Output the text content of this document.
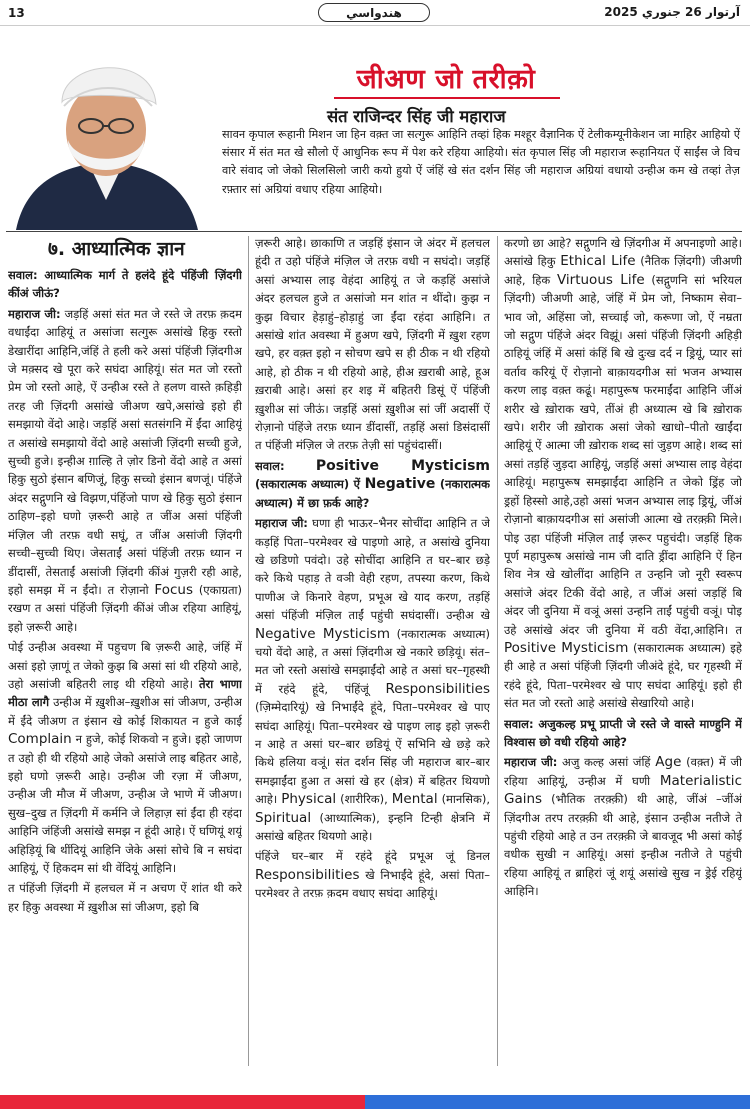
13	ھندواسي	آرتوار 26 جنوري 2025
जीअण जो तरीक़ो
संत राजिन्दर सिंह जी महाराज

सावन कृपाल रूहानी मिशन जा हिन वक़्त जा सत्गुरू आहिनि तव्हां हिक मश्हूर वैज्ञानिक ऐं टेलीकम्यूनीकेशन जा माहिर आहियो ऐं संसार में संत मत खे सौलो ऐं आधुनिक रूप में पेश करे रहिया आहियो। संत कृपाल सिंह जी महाराज रूहानियत ऐं साईंस जे विच वारे संवाद जो जेको सिलसिलो जारी कयो हुयो ऐं जंहिं खे संत दर्शन सिंह जी महाराज अग्रियां वधायो उन्हीअ कम खे तव्हां तेज़ रफ़्तार सां अग्रियां वधाए रहिया आहियो।

७. आध्यात्मिक ज्ञान

सवाल: आध्यात्मिक मार्ग ते हलंदे हूंदे पंहिंजी ज़िंदगी कींअं जीऊं?

महाराज जी: जड़हिं असां संत मत जे रस्ते जे तरफ़ क़दम वधाईंदा आहियूं त असांजा सत्गुरू असांखे हिकु रस्तो डेखारींदा आहिनि,जंहिं ते हली करे असां पंहिंजी ज़िंदगीअ जे मक़्सद खे पूरा करे सघंदा आहियूं। संत मत जो रस्तो प्रेम जो रस्तो आहे, ऐं उन्हीअ रस्ते ते हलण वास्ते क़हिड़ी तरह जी ज़िंदगी असांखे जीअण खपे,असांखे इहो ही समझायो वेंदो आहे। जड़हिं असां सतसंगनि में ईंदा आहियूं त असांखे समझायो वेंदो आहे असांजी ज़िंदगी सच्ची हुजे, सुच्ची हुजे। इन्हीअ ग़ाल्हि ते ज़ोर डिनो वेंदो आहे त असां हिकु सुठो इंसान बणिजूं, हिकु सच्चो इंसान बणजूं। पंहिंजे अंदर सद्गुणनि खे विझण,पंहिंजो पाण खे हिकु सुठो इंसान ठाहिण–इहो घणो ज़रूरी आहे त जींअ असां पंहिंजी मंज़िल जी तरफ़ वधी सघूं, त जींअ असांजी ज़िंदगी सच्ची–सुच्ची थिए। जेसताईं असां पंहिंजी तरफ़ ध्यान न डींदासीं, तेसताईं असांजी ज़िंदगी कींअं गुज़री रही आहे, इहो समझ में न ईंदो। त रोज़ानो Focus (एकाग्रता) रखण त असां पंहिंजी ज़िंदगी कींअं जीअ रहिया आहियूं, इहो ज़रूरी आहे।

पोई उन्हीअ अवस्था में पहुचण बि ज़रूरी आहे, जंहिं में असां इहो ज़ाणूं त जेको कुझ बि असां सां थी रहियो आहे, उहो असांजी बहितरी लाइ थी रहियो आहे। तेरा भाणा मीठा लागै उन्हीअ में ख़ुशीअ–ख़ुशीअ सां जीअण, उन्हीअ में ईंदे जीअण त इंसान खे कोई शिकायत न हुजे काई Complain न हुजे, कोई शिकवो न हुजे। इहो जाणण त उहो ही थी रहियो आहे जेको असांजे लाइ बहितर आहे, इहो घणो ज़रूरी आहे। उन्हीअ जी रज़ा में जीअण, उन्हीअ जी मौज में जीअण, उन्हीअ जे भाणे में जीअण। सुख–दुख त ज़िंदगी में कर्मनि जे लिहाज़ सां ईंदा ही रहंदा आहिनि जंहिंजी असांखे समझ न हूंदी आहे। ऐं घणियूं शयूं अहिड़ियूं बि थींदियूं आहिनि जेके असां सोचे बि न सघंदा आहियूं, ऐं हिकदम सां थी वेंदियूं आहिनि।

त पंहिंजी ज़िंदगी में हलचल में न अचण ऐं शांत थी करे हर हिकु अवस्था में ख़ुशीअ सां जीअण, इहो बि

ज़रूरी आहे। छाकाणि त जड़हिं इंसान जे अंदर में हलचल हूंदी त उहो पंहिंजे मंज़िल जे तरफ़ वधी न सघंदो। जड़हिं असां अभ्यास लाइ वेहंदा आहियूं त जे कड़हिं असांजे अंदर हलचल हुजे त असांजो मन शांत न थींदो। कुझ न कुझ विचार हेड़ाहुं–होड़ाहुं जा ईंदा रहंदा आहिनि। त असांखे शांत अवस्था में हुअण खपे, ज़िंदगी में ख़ुश रहण खपे, हर वक़्त इहो न सोचण खपे स ही ठीक न थी रहियो आहे, हो ठीक न थी रहियो आहे, हीअ ख़राबी आहे, हूअ ख़राबी आहे। असां हर शइ में बहितरी डिसूं ऐं पंहिंजी ख़ुशीअ सां जीऊं। जड़हिं असां ख़ुशीअ सां जीं अदासीं ऐं रोज़ानो पंहिंजे तरफ़ ध्यान डींदासीं, तड़हिं असां डिसंदासीं त पंहिंजी मंज़िल जे तरफ़ तेज़ी सां पहुंचंदासीं।

सवाल: Positive Mysticism (सकारात्मक अध्यात्म) ऐं Negative (नकारात्मक अध्यात्म) में छा फ़र्क आहे?

महाराज जी: घणा ही भाऊर–भैनर सोचींदा आहिनि त जे कड़हिं पिता–परमेश्वर खे पाइणो आहे, त असांखे दुनिया खे छडिणो पवंदो। उहे सोचींदा आहिनि त घर–बार छड़े करे किथे पहाड़ ते वञी वेही रहण, तपस्या करण, किथे पाणीअ जे किनारे वेहण, प्रभूअ खे याद करण, तड़हिं असां पंहिंजी मंज़िल ताईं पहुंची सघंदासीं। उन्हीअ खे Negative Mysticism (नकारात्मक अध्यात्म) चयो वेंदो आहे, त असां ज़िंदगीअ खे नकारे छड़ियूं। संत–मत जो रस्तो असांखे समझाईंदो आहे त असां घर–गृहस्थी में रहंदे हूंदे, पंहिंजूं Responsibilities (ज़िम्मेदारियूं) खे निभाईंदे हूंदे, पिता–परमेश्वर खे पाए सघंदा आहियूं। पिता–परमेश्वर खे पाइण लाइ इहो ज़रूरी न आहे त असां घर–बार छडियूं ऐं सभिनि खे छड़े करे किथे हलिया वञूं। संत दर्शन सिंह जी महाराज बार–बार समझाईंदा हुआ त असां खे हर (क्षेत्र) में बहितर थियणो आहे। Physical (शारीरिक), Mental (मानसिक), Spiritual (आध्यात्मिक), इन्हनि टिन्ही क्षेत्रनि में असांखे बहितर थियणो आहे।

पंहिंजे घर–बार में रहंदे हूंदे प्रभूअ जूं डिनल Responsibilities खे निभाईंदे हूंदे, असां पिता–परमेश्वर ते तरफ़ क़दम वधाए सघंदा आहियूं।

करणो छा आहे? सद्गुणनि खे ज़िंदगीअ में अपनाइणो आहे। असांखे हिकु Ethical Life (नैतिक ज़िंदगी) जीअणी आहे, हिक Virtuous Life (सद्गुणनि सां भरियल ज़िंदगी) जीअणी आहे, जंहिं में प्रेम जो, निष्काम सेवा–भाव जो, अहिंसा जो, सच्चाई जो, करूणा जो, ऐं नम्रता जो सद्गुण पंहिंजे अंदर विझूं। असां पंहिंजी ज़िंदगी अहिड़ी ठाहियूं जंहिं में असां कंहिं बि खे दुःख दर्द न ड्रियूं, प्यार सां वर्ताव करियूं ऐं रोज़ानो बाक़ायदगीअ सां भजन अभ्यास करण लाइ वक़्त कढूं। महापुरूष फरमाईंदा आहिनि जींअं शरीर खे ख़ोराक खपे, तींअं ही अध्यात्म खे बि ख़ोराक खपे। शरीर जी ख़ोराक असां जेको खाधो–पीतो खाईंदा आहियूं ऐं आत्मा जी ख़ोराक शब्द सां जुड़ण आहे। शब्द सां असां तड़हिं जुड़दा आहियूं, जड़हिं असां अभ्यास लाइ वेहंदा आहियूं। महापुरूष समझाईंदा आहिनि त जेको ड्रिंह जो ड्रहों हिस्सो आहे,उहो असां भजन अभ्यास लाइ ड्रियूं, जींअं रोज़ानो बाक़ायदगीअ सां असांजी आत्मा खे तरक़्क़ी मिले। पोइ उहा पंहिंजी मंज़िल ताईं ज़रूर पहुचंदी। जड़हिं हिक पूर्ण महापुरूष असांखे नाम जी दाति ड्रींदा आहिनि ऐं हिन शिव नेत्र खे खोलींदा आहिनि त उन्हनि जो नूरी स्वरूप असांजे अंदर टिकी वेंदो आहे, त जींअं असां जड़हिं बि अंदर जी दुनिया में वञूं असां उन्हनि ताईं पहुंची वञूं। पोइ उहे असांखे अंदर जी दुनिया में वठी वेंदा,आहिनि। त Positive Mysticism (सकारात्मक अध्यात्म) इहे ही आहे त असां पंहिंजी ज़िंदगी जीअंदे हूंदे, घर गृहस्थी में रहंदे हूंदे, पिता–परमेश्वर खे पाए सघंदा आहियूं। इहो ही संत मत जो रस्तो आहे असांखे सेखारियो आहे।

सवाल: अजुकल्ह प्रभू प्राप्ती जे रस्ते जे वास्ते माण्हुनि में विश्वास छो वधी रहियो आहे?

महाराज जी: अजु कल्ह असां जंहिं Age (वक़्त) में जी रहिया आहियूं, उन्हीअ में घणी Materialistic Gains (भौतिक तरक़्क़ी) थी आहे, जींअं –जींअं ज़िंदगीअ तरप तरक़्क़ी थी आहे, इंसान उन्हीअ नतीजे ते पहुंची रहियो आहे त उन तरक़्क़ी जे बावजूद भी असां कोई वधीक सुखी न आहियूं। असां इन्हीअ नतीजे ते पहुंची रहिया आहियूं त ब्राहिरां जूं शयूं असांखे सुख न ड्रेई रहियूं आहिनि।
